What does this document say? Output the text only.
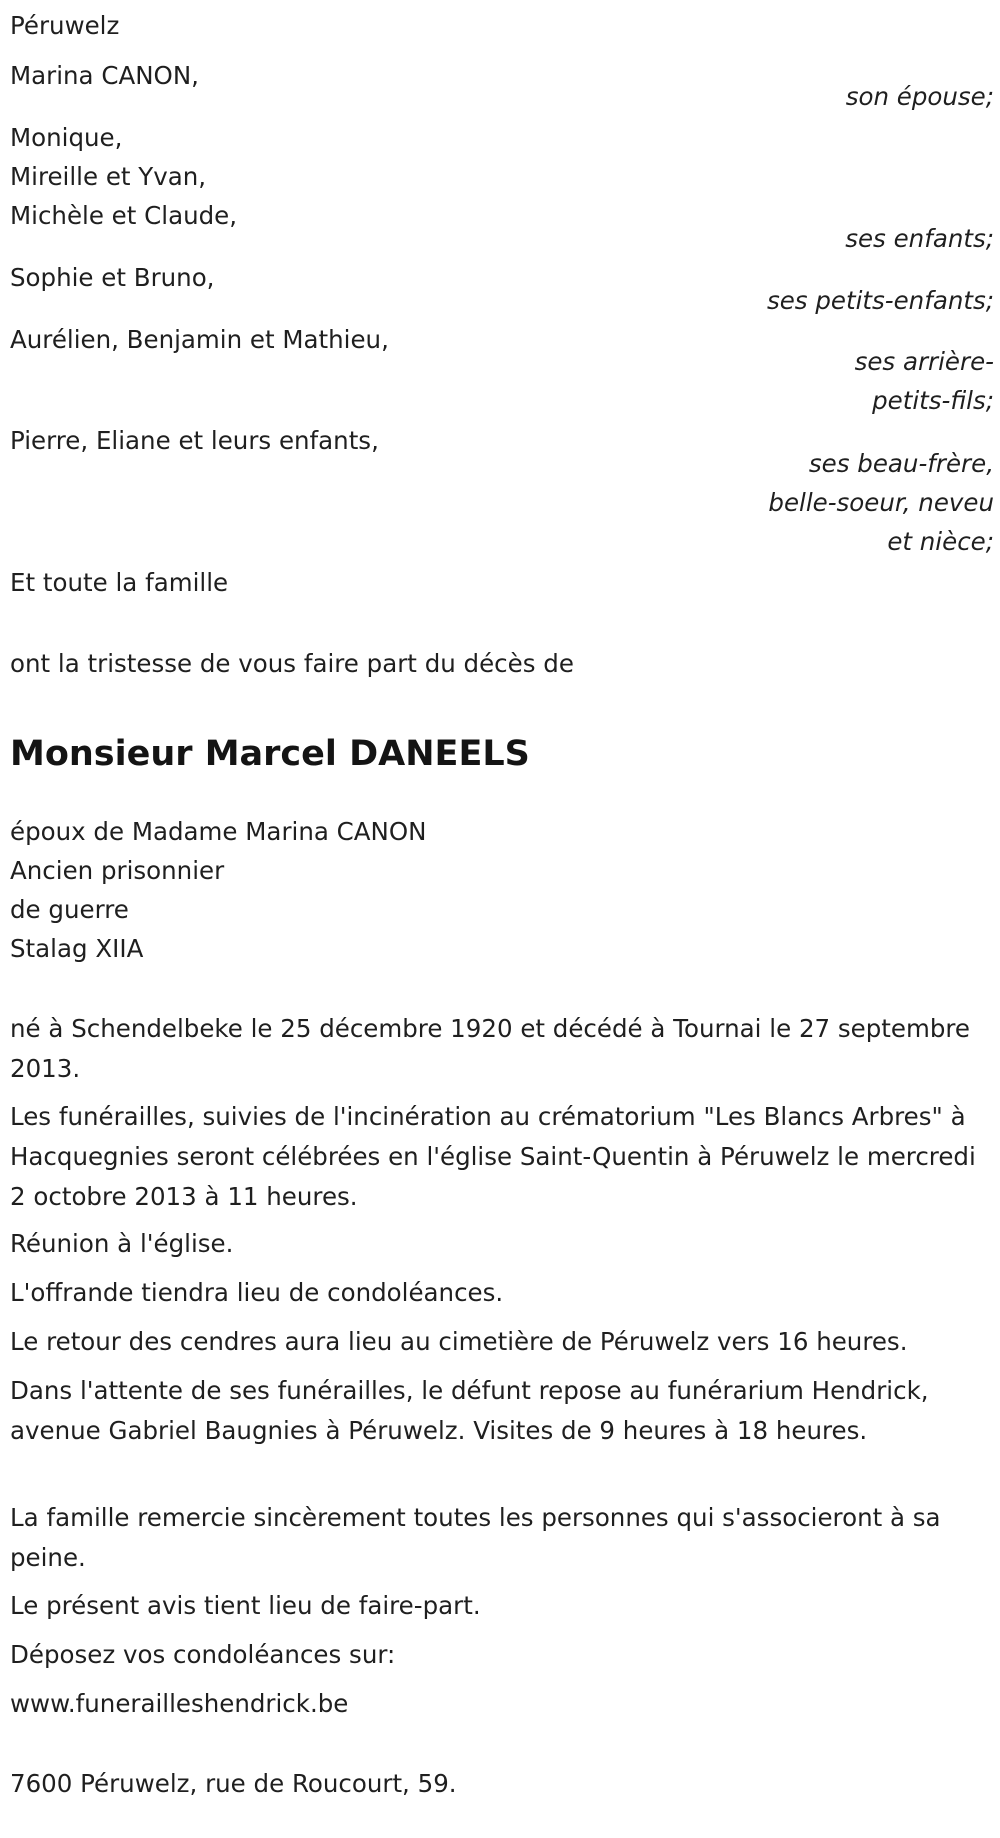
Péruwelz
Marina CANON,
son épouse;
Monique,
Mireille et Yvan,
Michèle et Claude,
ses enfants;
Sophie et Bruno,
ses petits-enfants;
Aurélien, Benjamin et Mathieu,
ses arrière-
petits-fils;
Pierre, Eliane et leurs enfants,
ses beau-frère,
belle-soeur, neveu
et nièce;
Et toute la famille
ont la tristesse de vous faire part du décès de
Monsieur Marcel DANEELS
époux de Madame Marina CANON
Ancien prisonnier
de guerre
Stalag XIIA
né à Schendelbeke le 25 décembre 1920 et décédé à Tournai le 27 septembre 2013.
Les funérailles, suivies de l'incinération au crématorium "Les Blancs Arbres" à Hacquegnies seront célébrées en l'église Saint-Quentin à Péruwelz le mercredi 2 octobre 2013 à 11 heures.
Réunion à l'église.
L'offrande tiendra lieu de condoléances.
Le retour des cendres aura lieu au cimetière de Péruwelz vers 16 heures.
Dans l'attente de ses funérailles, le défunt repose au funérarium Hendrick, avenue Gabriel Baugnies à Péruwelz. Visites de 9 heures à 18 heures.
La famille remercie sincèrement toutes les personnes qui s'associeront à sa peine.
Le présent avis tient lieu de faire-part.
Déposez vos condoléances sur:
www.funerailleshendrick.be
7600 Péruwelz, rue de Roucourt, 59.
